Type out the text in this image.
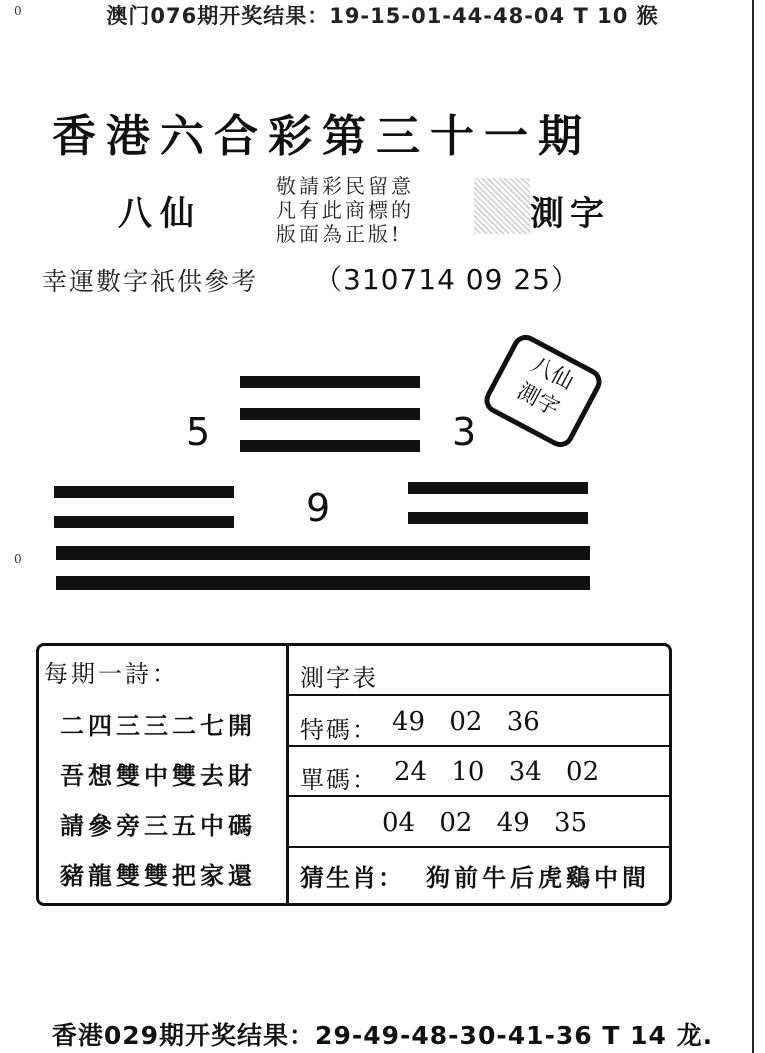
0
0
澳门076期开奖结果：19-15-01-44-48-04 T 10 猴
香港六合彩第三十一期
八仙
敬請彩民留意
凡有此商標的
版面為正版!	測字
幸運數字祇供參考 （310714 09 25）
5	3
八仙
測字
9
每期一詩：
二四三三二七開
吾想雙中雙去財
請參旁三五中碼
豬龍雙雙把家還
測字表
特碼： 49 02 36
單碼： 24 10 34 02
04 02 49 35
猜生肖： 狗前牛后虎鷄中間
香港029期开奖结果：29-49-48-30-41-36 T 14 龙.
